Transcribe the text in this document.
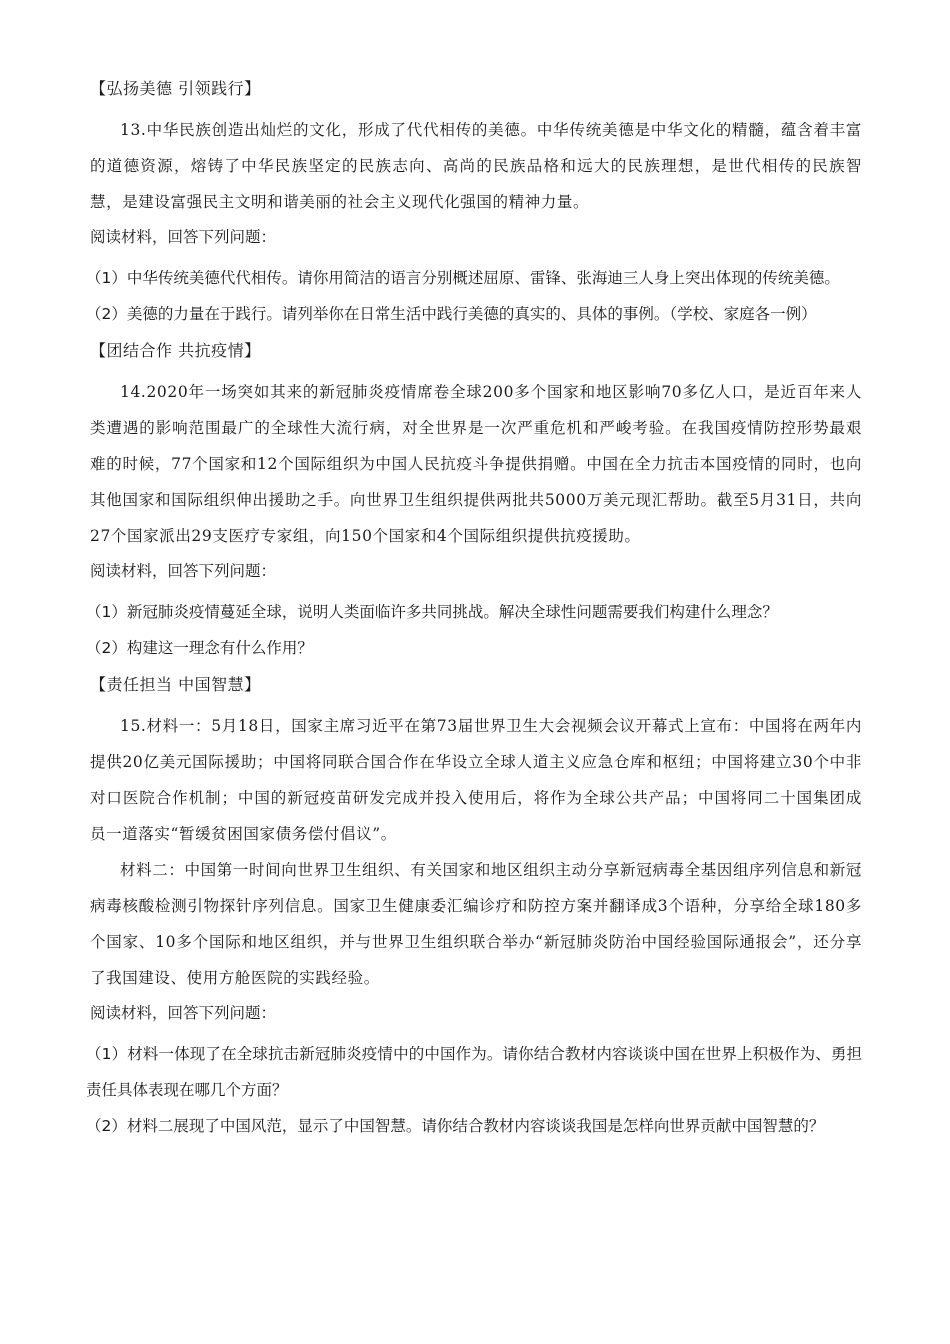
【弘扬美德 引领践行】

13.中华民族创造出灿烂的文化，形成了代代相传的美德。中华传统美德是中华文化的精髓，蕴含着丰富的道德资源，熔铸了中华民族坚定的民族志向、高尚的民族品格和远大的民族理想，是世代相传的民族智慧，是建设富强民主文明和谐美丽的社会主义现代化强国的精神力量。

阅读材料，回答下列问题：
（1）中华传统美德代代相传。请你用简洁的语言分别概述屈原、雷锋、张海迪三人身上突出体现的传统美德。
（2）美德的力量在于践行。请列举你在日常生活中践行美德的真实的、具体的事例。（学校、家庭各一例）
【团结合作 共抗疫情】

14.2020年一场突如其来的新冠肺炎疫情席卷全球200多个国家和地区影响70多亿人口，是近百年来人类遭遇的影响范围最广的全球性大流行病，对全世界是一次严重危机和严峻考验。在我国疫情防控形势最艰难的时候，77个国家和12个国际组织为中国人民抗疫斗争提供捐赠。中国在全力抗击本国疫情的同时，也向其他国家和国际组织伸出援助之手。向世界卫生组织提供两批共5000万美元现汇帮助。截至5月31日，共向27个国家派出29支医疗专家组，向150个国家和4个国际组织提供抗疫援助。

阅读材料，回答下列问题：
（1）新冠肺炎疫情蔓延全球，说明人类面临许多共同挑战。解决全球性问题需要我们构建什么理念？
（2）构建这一理念有什么作用？
【责任担当 中国智慧】

15.材料一：5月18日，国家主席习近平在第73届世界卫生大会视频会议开幕式上宣布：中国将在两年内提供20亿美元国际援助；中国将同联合国合作在华设立全球人道主义应急仓库和枢纽；中国将建立30个中非对口医院合作机制；中国的新冠疫苗研发完成并投入使用后，将作为全球公共产品；中国将同二十国集团成员一道落实“暂缓贫困国家债务偿付倡议”。

材料二：中国第一时间向世界卫生组织、有关国家和地区组织主动分享新冠病毒全基因组序列信息和新冠病毒核酸检测引物探针序列信息。国家卫生健康委汇编诊疗和防控方案并翻译成3个语种，分享给全球180多个国家、10多个国际和地区组织，并与世界卫生组织联合举办“新冠肺炎防治中国经验国际通报会”，还分享了我国建设、使用方舱医院的实践经验。

阅读材料，回答下列问题：
（1）材料一体现了在全球抗击新冠肺炎疫情中的中国作为。请你结合教材内容谈谈中国在世界上积极作为、勇担责任具体表现在哪几个方面？
（2）材料二展现了中国风范，显示了中国智慧。请你结合教材内容谈谈我国是怎样向世界贡献中国智慧的？
